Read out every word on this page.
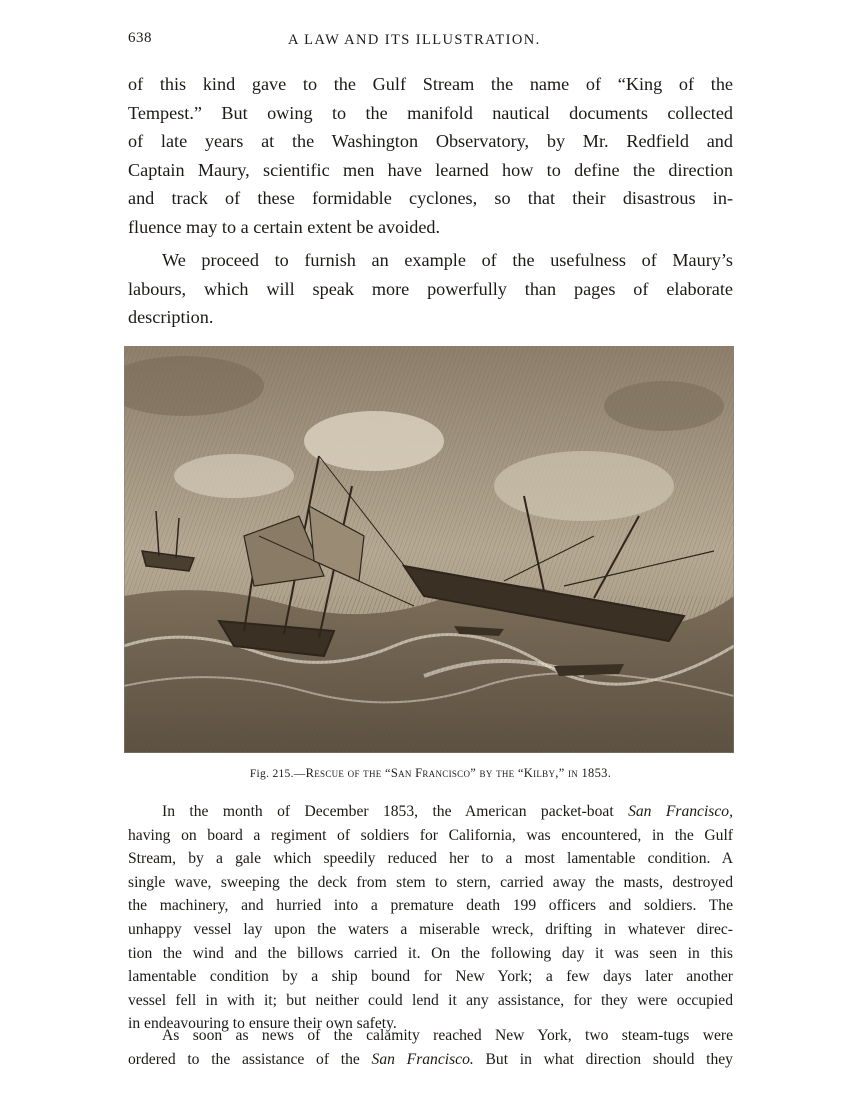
638	A LAW AND ITS ILLUSTRATION.
of this kind gave to the Gulf Stream the name of “King of the
Tempest.” But owing to the manifold nautical documents collected
of late years at the Washington Observatory, by Mr. Redfield and
Captain Maury, scientific men have learned how to define the direction
and track of these formidable cyclones, so that their disastrous in-
fluence may to a certain extent be avoided.
We proceed to furnish an example of the usefulness of Maury’s
labours, which will speak more powerfully than pages of elaborate
description.
Fig. 215.—Rescue of the “San Francisco” by the “Kilby,” in 1853.
In the month of December 1853, the American packet-boat San Francisco,
having on board a regiment of soldiers for California, was encountered, in the Gulf
Stream, by a gale which speedily reduced her to a most lamentable condition. A
single wave, sweeping the deck from stem to stern, carried away the masts, destroyed
the machinery, and hurried into a premature death 199 officers and soldiers. The
unhappy vessel lay upon the waters a miserable wreck, drifting in whatever direc-
tion the wind and the billows carried it. On the following day it was seen in this
lamentable condition by a ship bound for New York; a few days later another
vessel fell in with it; but neither could lend it any assistance, for they were occupied
in endeavouring to ensure their own safety.
As soon as news of the calamity reached New York, two steam-tugs were
ordered to the assistance of the San Francisco. But in what direction should they
